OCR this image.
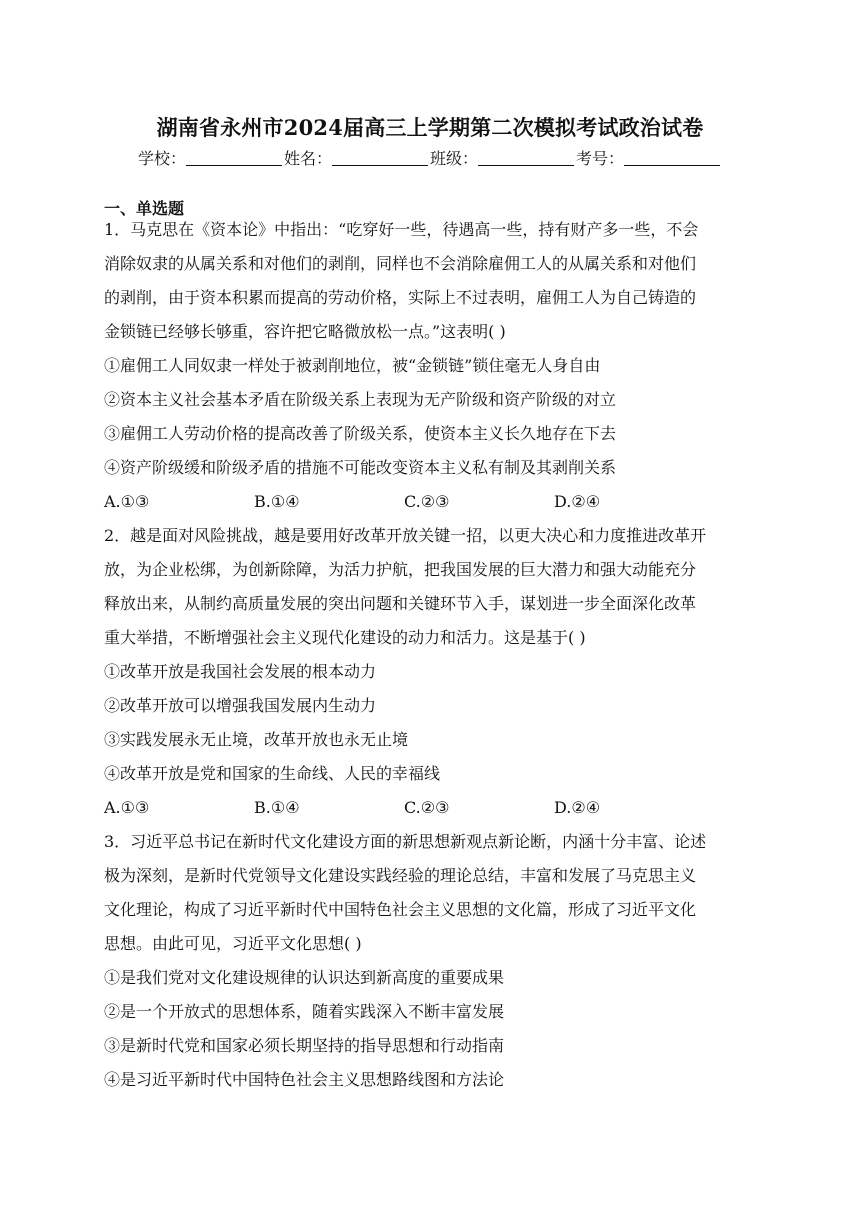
湖南省永州市2024届高三上学期第二次模拟考试政治试卷
学校：	姓名：	班级：	考号：
一、单选题
1．马克思在《资本论》中指出：“吃穿好一些，待遇高一些，持有财产多一些，不会
消除奴隶的从属关系和对他们的剥削，同样也不会消除雇佣工人的从属关系和对他们
的剥削，由于资本积累而提高的劳动价格，实际上不过表明，雇佣工人为自己铸造的
金锁链已经够长够重，容许把它略微放松一点。”这表明( )
①雇佣工人同奴隶一样处于被剥削地位，被“金锁链”锁住毫无人身自由
②资本主义社会基本矛盾在阶级关系上表现为无产阶级和资产阶级的对立
③雇佣工人劳动价格的提高改善了阶级关系，使资本主义长久地存在下去
④资产阶级缓和阶级矛盾的措施不可能改变资本主义私有制及其剥削关系
A.①③	B.①④	C.②③	D.②④
2．越是面对风险挑战，越是要用好改革开放关键一招，以更大决心和力度推进改革开
放，为企业松绑，为创新除障，为活力护航，把我国发展的巨大潜力和强大动能充分
释放出来，从制约高质量发展的突出问题和关键环节入手，谋划进一步全面深化改革
重大举措，不断增强社会主义现代化建设的动力和活力。这是基于( )
①改革开放是我国社会发展的根本动力
②改革开放可以增强我国发展内生动力
③实践发展永无止境，改革开放也永无止境
④改革开放是党和国家的生命线、人民的幸福线
A.①③	B.①④	C.②③	D.②④
3．习近平总书记在新时代文化建设方面的新思想新观点新论断，内涵十分丰富、论述
极为深刻，是新时代党领导文化建设实践经验的理论总结，丰富和发展了马克思主义
文化理论，构成了习近平新时代中国特色社会主义思想的文化篇，形成了习近平文化
思想。由此可见，习近平文化思想( )
①是我们党对文化建设规律的认识达到新高度的重要成果
②是一个开放式的思想体系，随着实践深入不断丰富发展
③是新时代党和国家必须长期坚持的指导思想和行动指南
④是习近平新时代中国特色社会主义思想路线图和方法论
